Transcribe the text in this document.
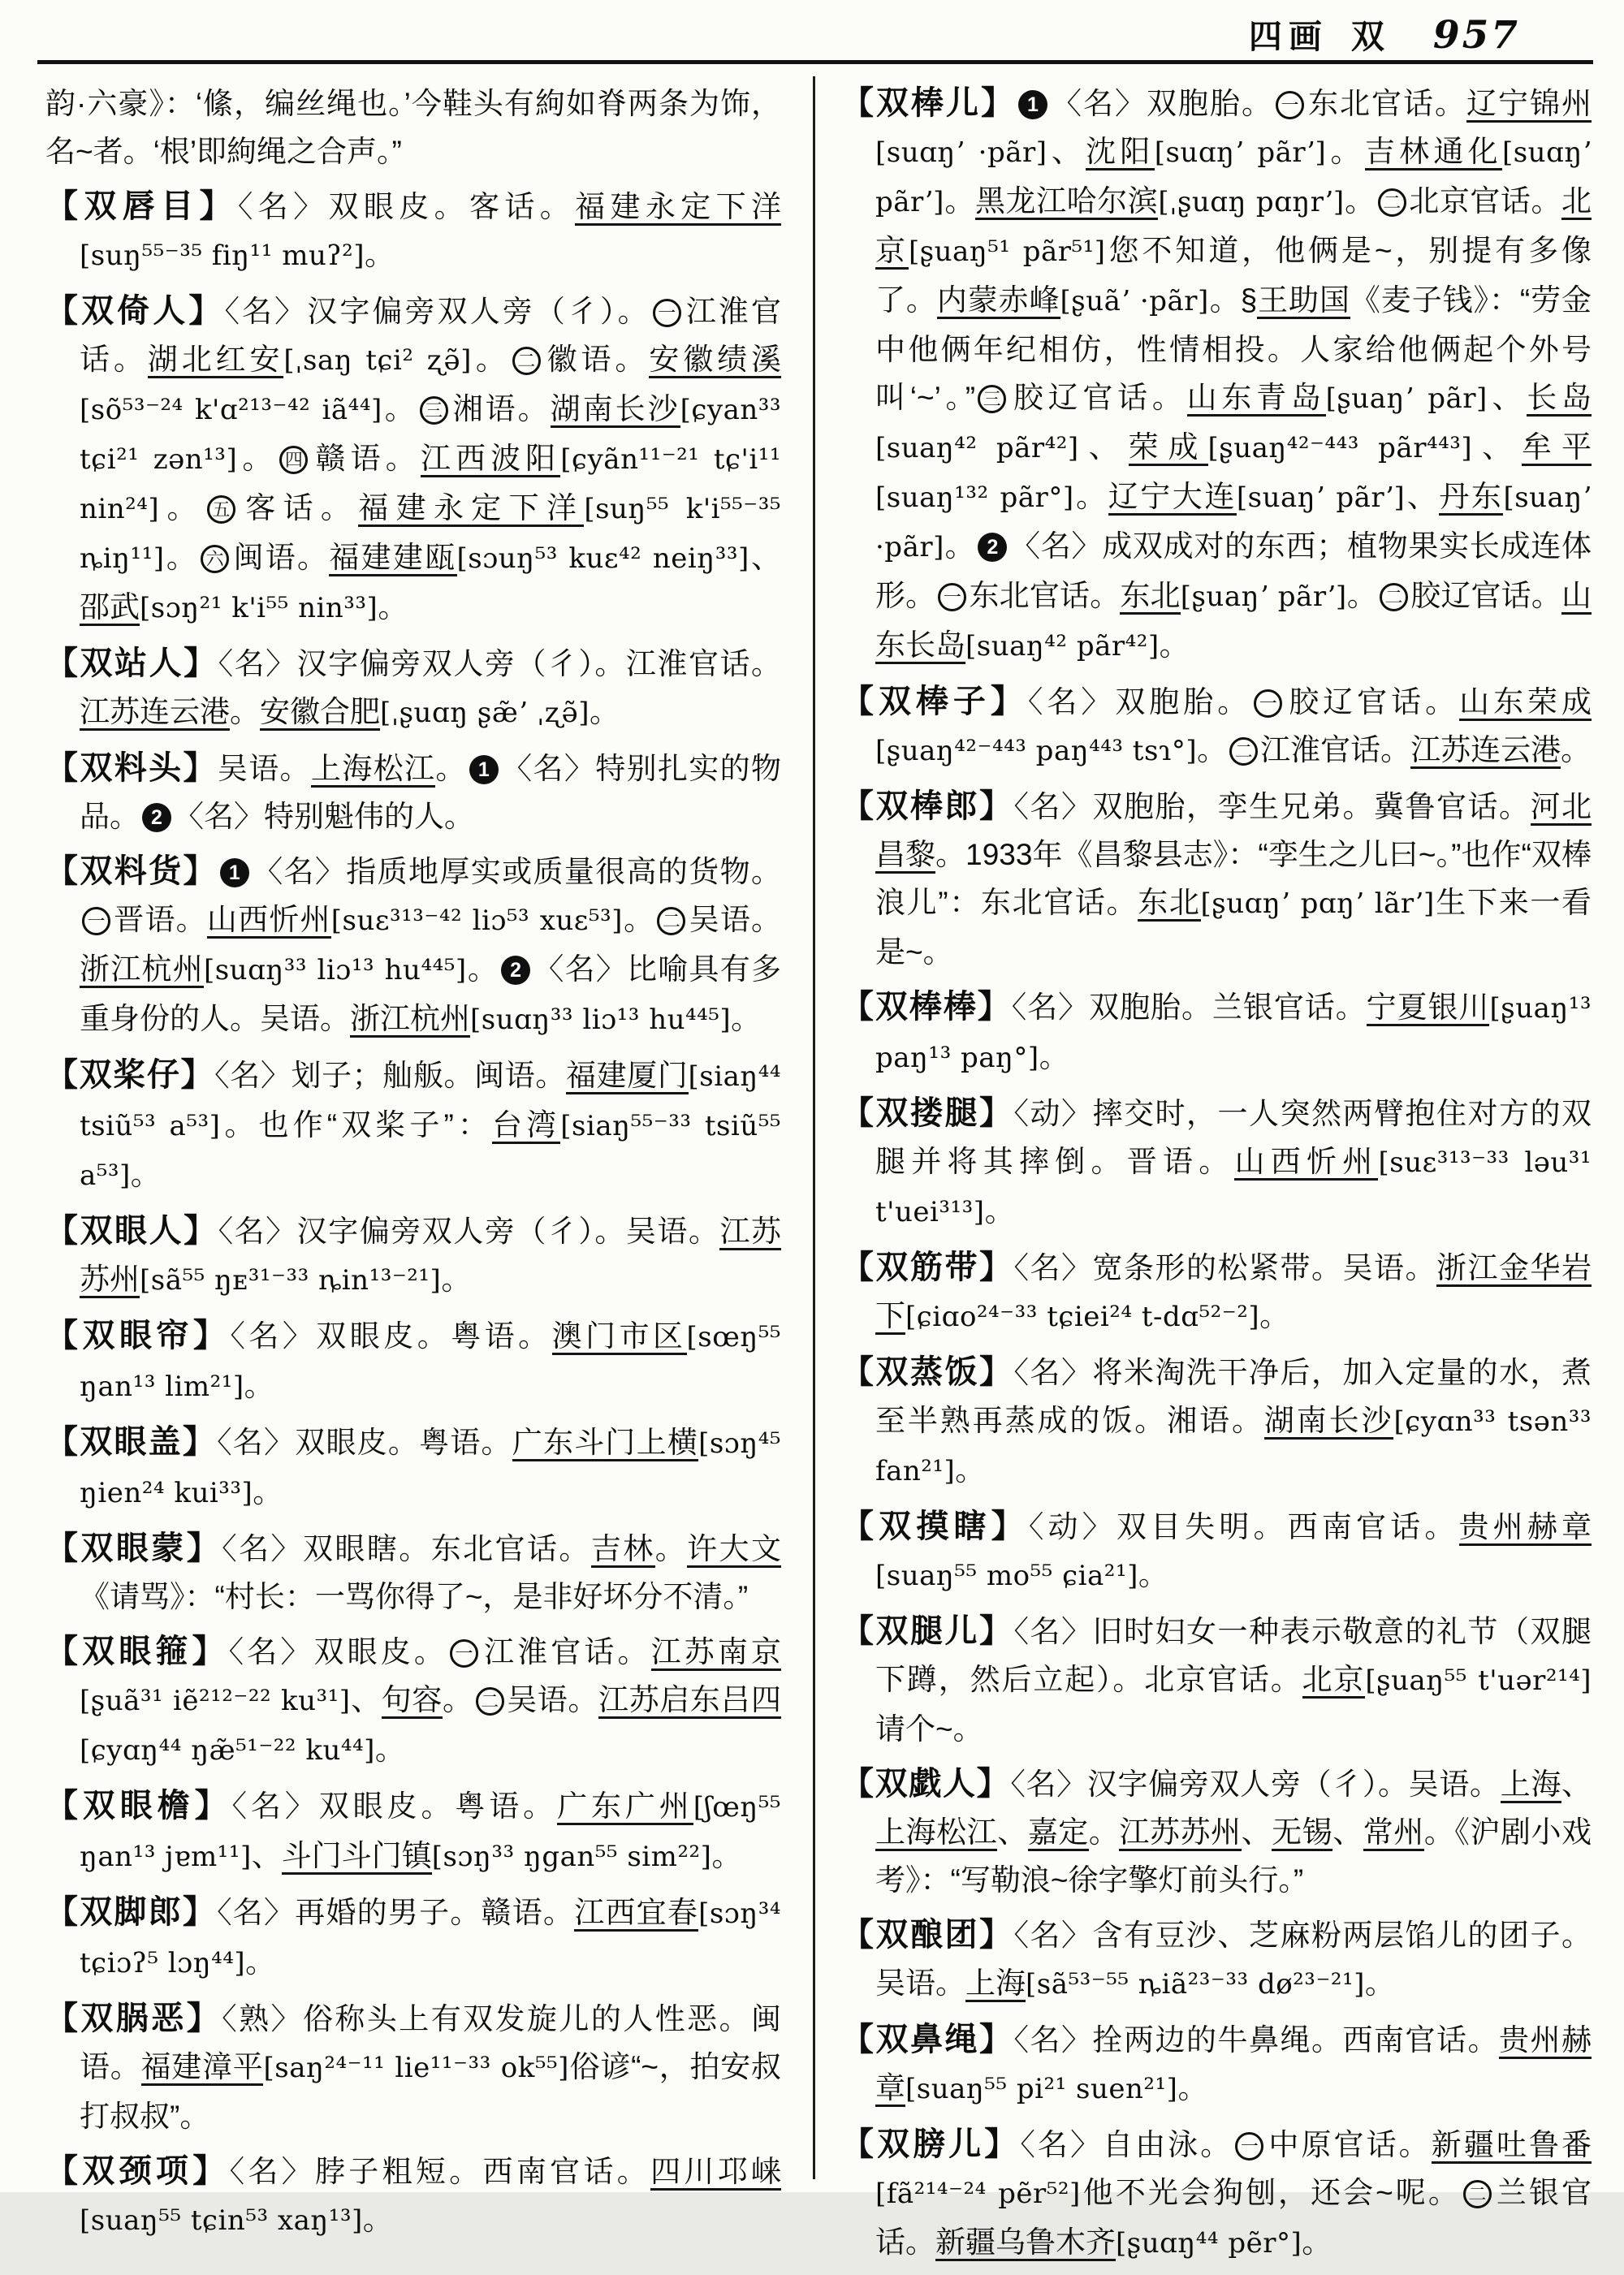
四画 双 957

韵·六豪》：‘絛，编丝绳也。’今鞋头有絇如脊两条为饰，名~者。‘根’即絇绳之合声。”

【双唇目】〈名〉双眼皮。客话。福建永定下洋[suŋ⁵⁵⁻³⁵ fiŋ¹¹ muʔ²]。

【双倚人】〈名〉汉字偏旁双人旁（彳）。 一 江淮官话。湖北红安[ˌsaŋ tɕi² ʐə̃]。 二 徽语。安徽绩溪[sõ⁵³⁻²⁴ k'ɑ²¹³⁻⁴² iã⁴⁴]。 三 湘语。湖南长沙[ɕyan³³ tɕi²¹ zən¹³]。 四 赣语。江西波阳[ɕyãn¹¹⁻²¹ tɕ'i¹¹ nin²⁴]。 五 客话。福建永定下洋[suŋ⁵⁵ k'i⁵⁵⁻³⁵ ȵiŋ¹¹]。 六 闽语。福建建瓯[sɔuŋ⁵³ kuɛ⁴² neiŋ³³]、邵武[sɔŋ²¹ k'i⁵⁵ nin³³]。

【双站人】〈名〉汉字偏旁双人旁（彳）。江淮官话。江苏连云港。安徽合肥[ˌʂuɑŋ ʂæ̃ʼ ˌʐə̃]。

【双料头】吴语。上海松江。 1 〈名〉特别扎实的物品。 2 〈名〉特别魁伟的人。

【双料货】 1 〈名〉指质地厚实或质量很高的货物。一 晋语。山西忻州[suɛ³¹³⁻⁴² liɔ⁵³ xuɛ⁵³]。 二 吴语。浙江杭州[suɑŋ³³ liɔ¹³ hu⁴⁴⁵]。 2 〈名〉比喻具有多重身份的人。吴语。浙江杭州[suɑŋ³³ liɔ¹³ hu⁴⁴⁵]。

【双桨仔】〈名〉划子；舢舨。闽语。福建厦门[siaŋ⁴⁴ tsiũ⁵³ a⁵³]。也作“双桨子”：台湾[siaŋ⁵⁵⁻³³ tsiũ⁵⁵ a⁵³]。

【双眼人】〈名〉汉字偏旁双人旁（彳）。吴语。江苏苏州[sã⁵⁵ ŋᴇ³¹⁻³³ ȵin¹³⁻²¹]。

【双眼帘】〈名〉双眼皮。粤语。澳门市区[sœŋ⁵⁵ ŋan¹³ lim²¹]。

【双眼盖】〈名〉双眼皮。粤语。广东斗门上横[sɔŋ⁴⁵ ŋien²⁴ kui³³]。

【双眼蒙】〈名〉双眼瞎。东北官话。吉林。许大文《请骂》：“村长：一骂你得了~，是非好坏分不清。”

【双眼箍】〈名〉双眼皮。 一 江淮官话。江苏南京[ʂuã³¹ iẽ²¹²⁻²² ku³¹]、句容。 二 吴语。江苏启东吕四[ɕyɑŋ⁴⁴ ŋæ̃⁵¹⁻²² ku⁴⁴]。

【双眼檐】〈名〉双眼皮。粤语。广东广州[ʃœŋ⁵⁵ ŋan¹³ jɐm¹¹]、斗门斗门镇[sɔŋ³³ ŋgan⁵⁵ sim²²]。

【双脚郎】〈名〉再婚的男子。赣语。江西宜春[sɔŋ³⁴ tɕiɔʔ⁵ lɔŋ⁴⁴]。

【双脶恶】〈熟〉俗称头上有双发旋儿的人性恶。闽语。福建漳平[saŋ²⁴⁻¹¹ lie¹¹⁻³³ ok⁵⁵]俗谚“~，拍安叔打叔叔”。

【双颈项】〈名〉脖子粗短。西南官话。四川邛崃[suaŋ⁵⁵ tɕin⁵³ xaŋ¹³]。

【双棒儿】 1 〈名〉双胞胎。 一 东北官话。辽宁锦州[suɑŋʼ ·pãr]、沈阳[suɑŋʼ pãrʼ]。吉林通化[suɑŋʼ pãrʼ]。黑龙江哈尔滨[ˌʂuɑŋ pɑŋrʼ]。 二 北京官话。北京[ʂuaŋ⁵¹ pãr⁵¹]您不知道，他俩是~，别提有多像了。内蒙赤峰[ʂuãʼ ·pãr]。§王助国《麦子钱》：“劳金中他俩年纪相仿，性情相投。人家给他俩起个外号叫‘~’。” 三 胶辽官话。山东青岛[ʂuaŋʼ pãr]、长岛[suaŋ⁴² pãr⁴²]、荣成[ʂuaŋ⁴²⁻⁴⁴³ pãr⁴⁴³]、牟平[suaŋ¹³² pãr°]。辽宁大连[suaŋʼ pãrʼ]、丹东[suaŋʼ ·pãr]。 2 〈名〉成双成对的东西；植物果实长成连体形。 一 东北官话。东北[ʂuaŋʼ pãrʼ]。 二 胶辽官话。山东长岛[suaŋ⁴² pãr⁴²]。

【双棒子】〈名〉双胞胎。 一 胶辽官话。山东荣成[ʂuaŋ⁴²⁻⁴⁴³ paŋ⁴⁴³ tsɿ°]。 二 江淮官话。江苏连云港。

【双棒郎】〈名〉双胞胎，孪生兄弟。冀鲁官话。河北昌黎。1933年《昌黎县志》：“孪生之儿曰~。”也作“双棒浪儿”：东北官话。东北[ʂuɑŋʼ pɑŋʼ lãrʼ]生下来一看是~。

【双棒棒】〈名〉双胞胎。兰银官话。宁夏银川[ʂuaŋ¹³ paŋ¹³ paŋ°]。

【双搂腿】〈动〉摔交时，一人突然两臂抱住对方的双腿并将其摔倒。晋语。山西忻州[suɛ³¹³⁻³³ ləu³¹ t'uei³¹³]。

【双筋带】〈名〉宽条形的松紧带。吴语。浙江金华岩下[ɕiɑo²⁴⁻³³ tɕiei²⁴ t-dɑ⁵²⁻²]。

【双蒸饭】〈名〉将米淘洗干净后，加入定量的水，煮至半熟再蒸成的饭。湘语。湖南长沙[ɕyɑn³³ tsən³³ fan²¹]。

【双摸瞎】〈动〉双目失明。西南官话。贵州赫章[suaŋ⁵⁵ mo⁵⁵ ɕia²¹]。

【双腿儿】〈名〉旧时妇女一种表示敬意的礼节（双腿下蹲，然后立起）。北京官话。北京[ʂuaŋ⁵⁵ t'uər²¹⁴]请个~。

【双戯人】〈名〉汉字偏旁双人旁（彳）。吴语。上海、上海松江、嘉定。江苏苏州、无锡、常州。《沪剧小戏考》：“写勒浪~徐字擎灯前头行。”

【双酿团】〈名〉含有豆沙、芝麻粉两层馅儿的团子。吴语。上海[sã⁵³⁻⁵⁵ ȵiã²³⁻³³ dø²³⁻²¹]。

【双鼻绳】〈名〉拴两边的牛鼻绳。西南官话。贵州赫章[suaŋ⁵⁵ pi²¹ suen²¹]。

【双膀儿】〈名〉自由泳。 一 中原官话。新疆吐鲁番[fã²¹⁴⁻²⁴ pẽr⁵²]他不光会狗刨，还会~呢。 二 兰银官话。新疆乌鲁木齐[ʂuɑŋ⁴⁴ pẽr°]。
